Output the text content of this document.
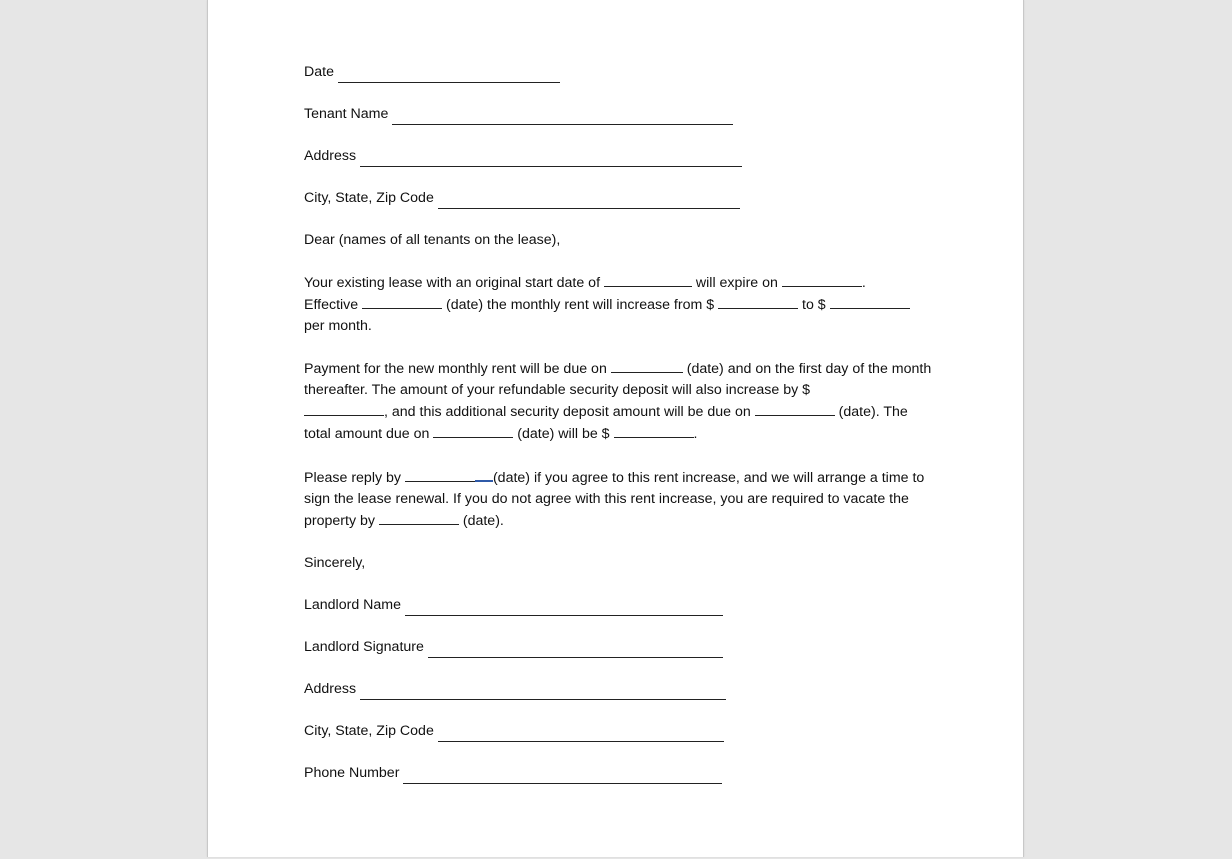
Date
Tenant Name
Address
City, State, Zip Code

Dear (names of all tenants on the lease),

Your existing lease with an original start date of	will expire on	.
Effective	(date) the monthly rent will increase from $	to $
per month.

Payment for the new monthly rent will be due on	(date) and on the first day of the month thereafter. The amount of your refundable security deposit will also increase by $
, and this additional security deposit amount will be due on	(date). The total amount due on	(date) will be $	.

Please reply by	(date) if you agree to this rent increase, and we will arrange a time to sign the lease renewal. If you do not agree with this rent increase, you are required to vacate the property by	(date).

Sincerely,

Landlord Name
Landlord Signature
Address
City, State, Zip Code
Phone Number
